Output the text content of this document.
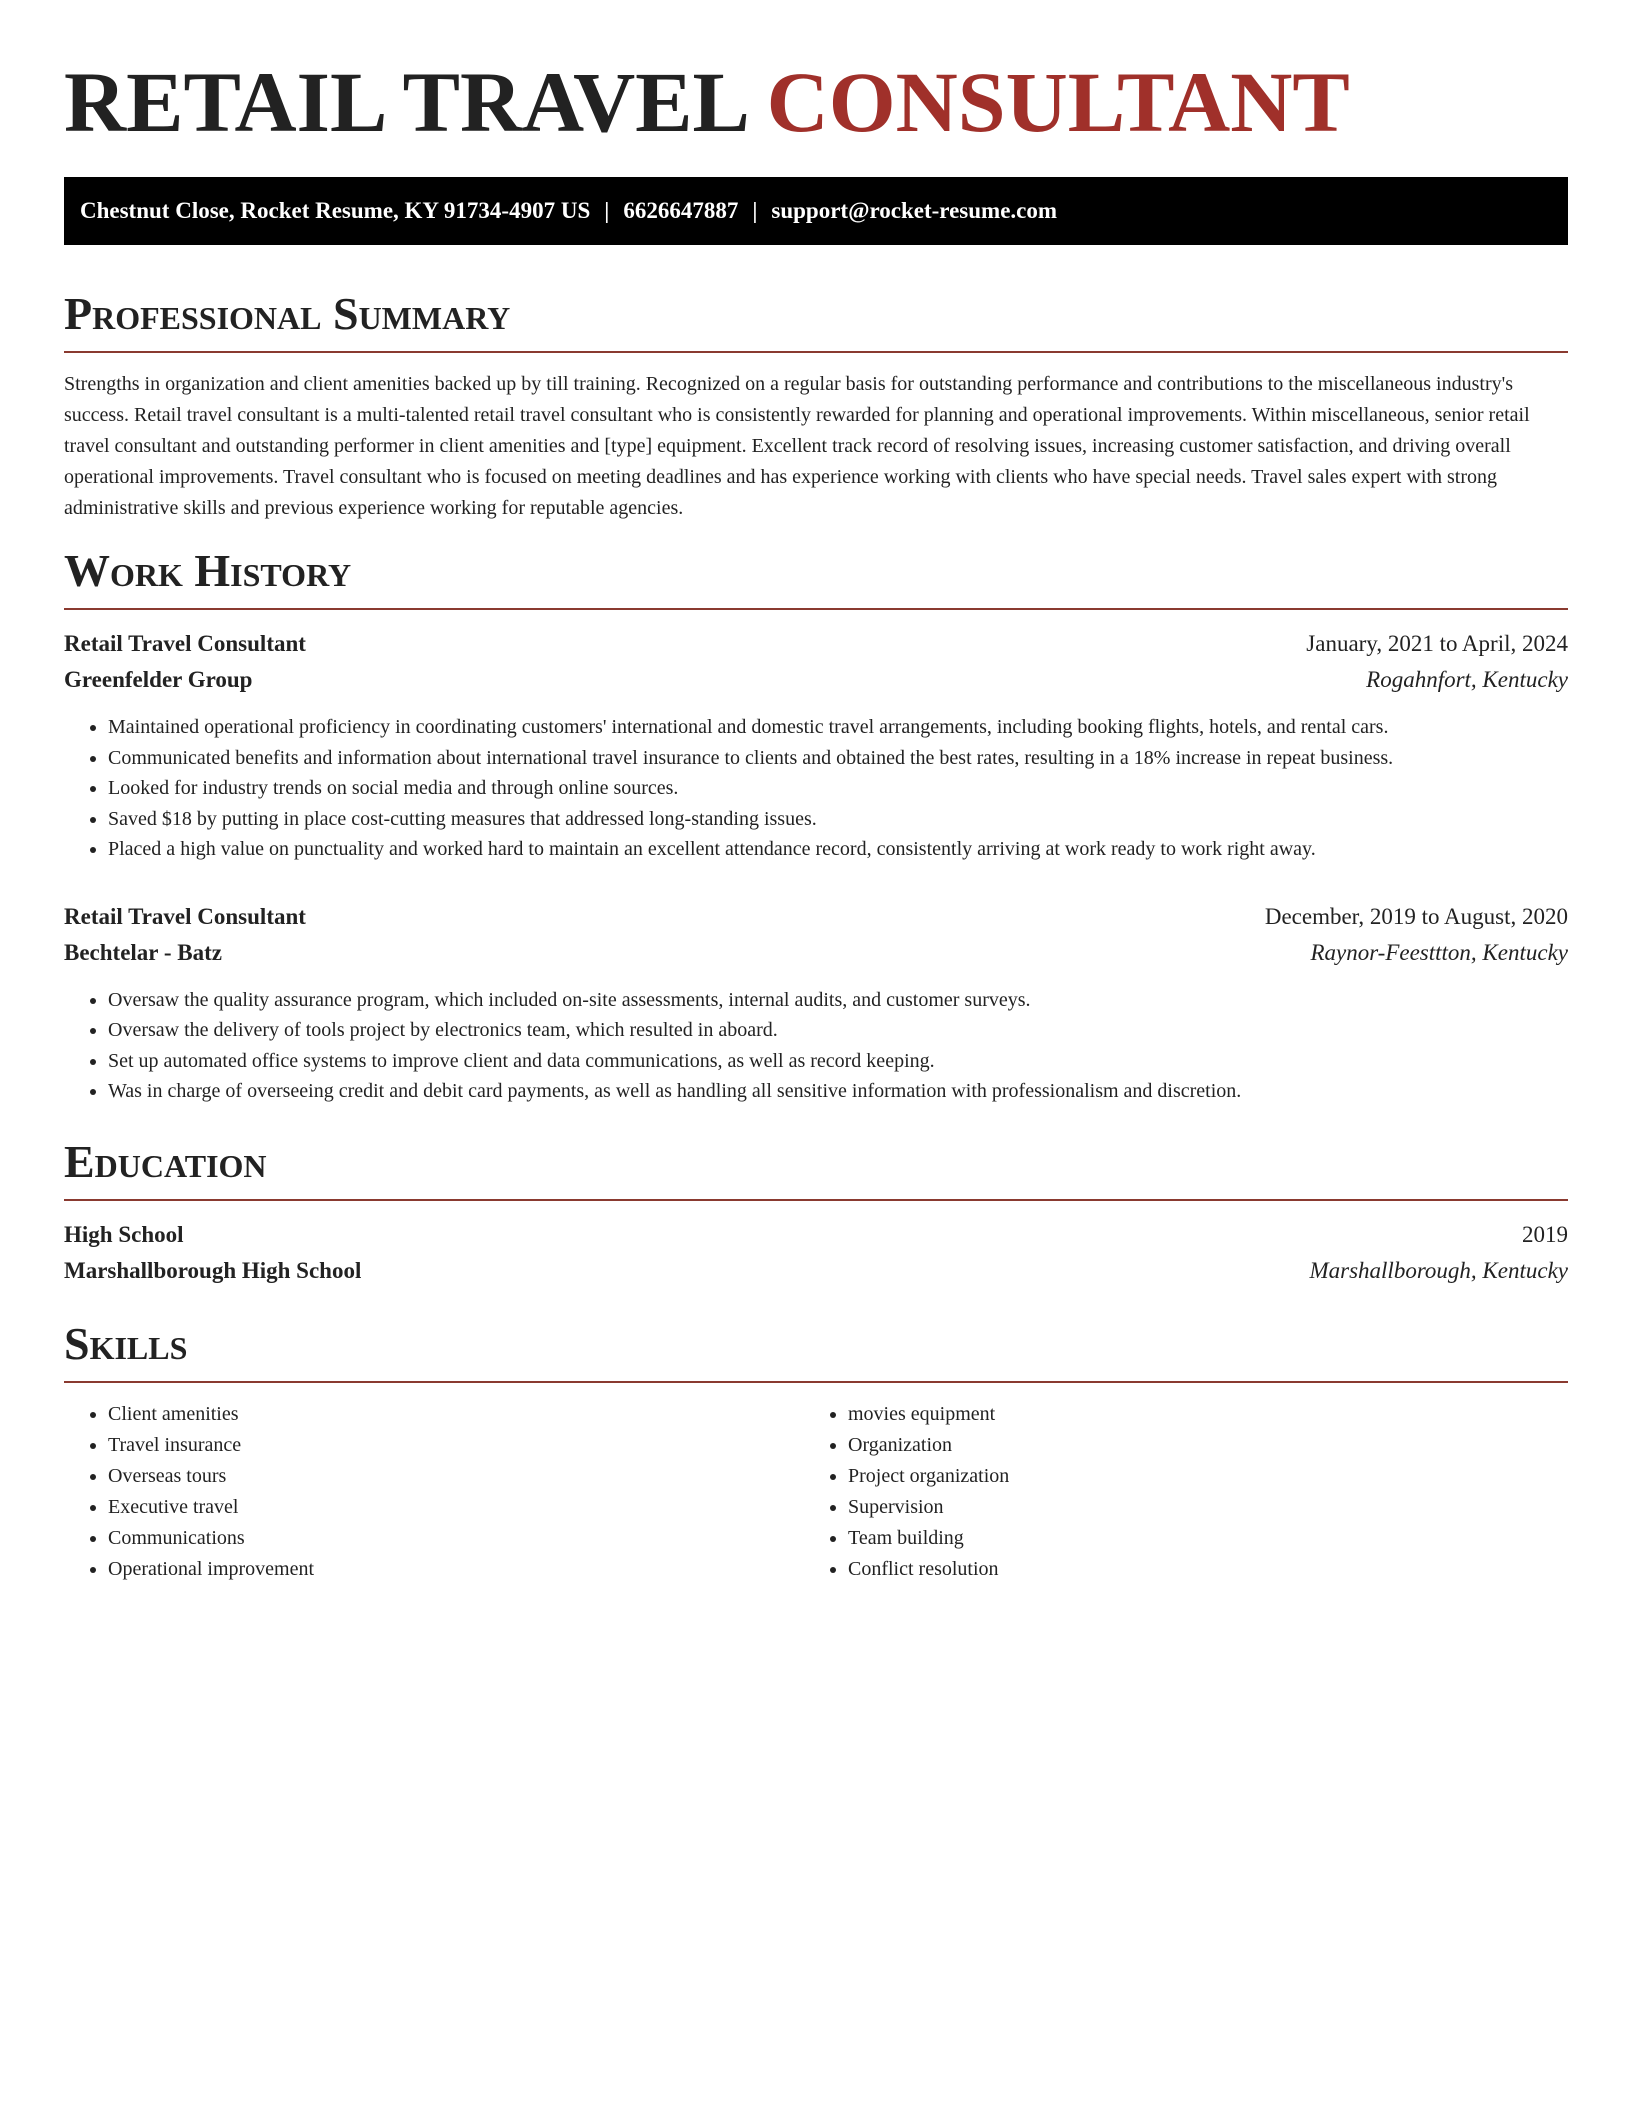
RETAIL TRAVEL CONSULTANT
Chestnut Close, Rocket Resume, KY 91734-4907 US | 6626647887 | support@rocket-resume.com
Professional Summary

Strengths in organization and client amenities backed up by till training. Recognized on a regular basis for outstanding performance and contributions to the miscellaneous industry's success. Retail travel consultant is a multi-talented retail travel consultant who is consistently rewarded for planning and operational improvements. Within miscellaneous, senior retail travel consultant and outstanding performer in client amenities and [type] equipment. Excellent track record of resolving issues, increasing customer satisfaction, and driving overall operational improvements. Travel consultant who is focused on meeting deadlines and has experience working with clients who have special needs. Travel sales expert with strong administrative skills and previous experience working for reputable agencies.

Work History
Retail Travel Consultant	January, 2021 to April, 2024
Greenfelder Group	Rogahnfort, Kentucky
• Maintained operational proficiency in coordinating customers' international and domestic travel arrangements, including booking flights, hotels, and rental cars.
• Communicated benefits and information about international travel insurance to clients and obtained the best rates, resulting in a 18% increase in repeat business.
• Looked for industry trends on social media and through online sources.
• Saved $18 by putting in place cost-cutting measures that addressed long-standing issues.
• Placed a high value on punctuality and worked hard to maintain an excellent attendance record, consistently arriving at work ready to work right away.
Retail Travel Consultant	December, 2019 to August, 2020
Bechtelar - Batz	Raynor-Feesttton, Kentucky
• Oversaw the quality assurance program, which included on-site assessments, internal audits, and customer surveys.
• Oversaw the delivery of tools project by electronics team, which resulted in aboard.
• Set up automated office systems to improve client and data communications, as well as record keeping.
• Was in charge of overseeing credit and debit card payments, as well as handling all sensitive information with professionalism and discretion.
Education
High School	2019
Marshallborough High School	Marshallborough, Kentucky
Skills
• Client amenities
• Travel insurance
• Overseas tours
• Executive travel
• Communications
• Operational improvement
• movies equipment
• Organization
• Project organization
• Supervision
• Team building
• Conflict resolution
